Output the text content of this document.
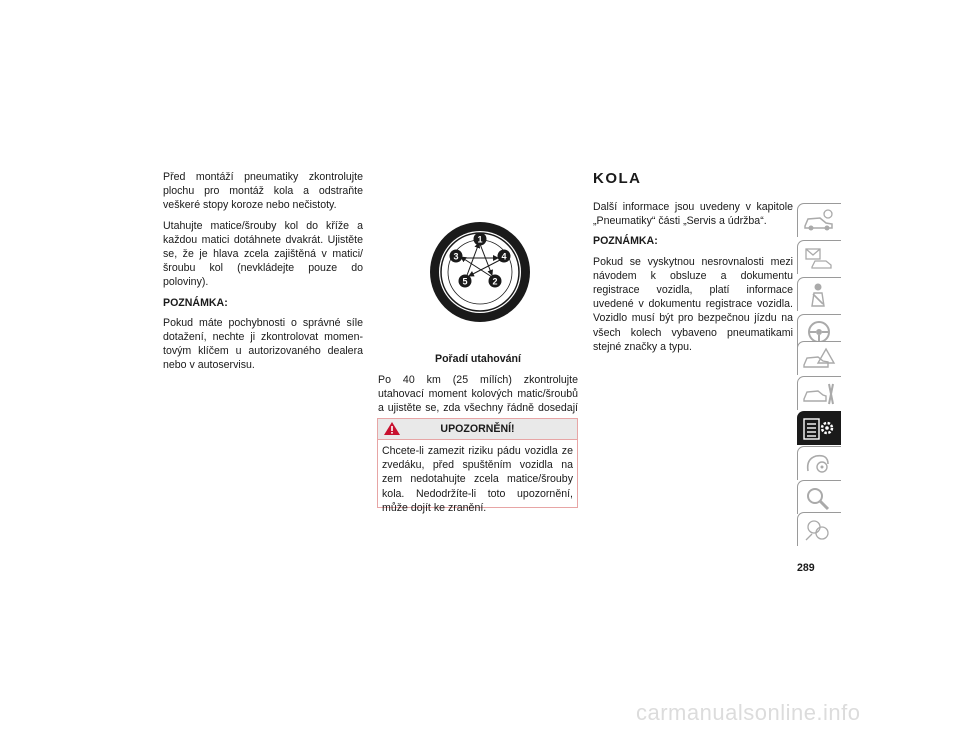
Před montáží pneumatiky zkontrolujte plochu pro montáž kola a odstraňte veškeré stopy koroze nebo nečistoty.

Utahujte matice/šrouby kol do kříže a každou matici dotáhnete dvakrát. Ujistěte se, že je hlava zcela zajištěná v matici/šroubu kol (nevkládejte pouze do poloviny).

POZNÁMKA:

Pokud máte pochybnosti o správné síle dotažení, nechte ji zkontrolovat momen-tovým klíčem u autorizovaného dealera nebo v autoservisu.

1
2
3	4
5

Pořadí utahování

Po 40 km (25 mílích) zkontrolujte utahovací moment kolových matic/šroubů a ujistěte se, zda všechny řádně dosedají

UPOZORNĚNÍ!
Chcete-li zamezit riziku pádu vozidla ze zvedáku, před spuštěním vozidla na zem nedotahujte zcela matice/šrouby kola. Nedodržíte-li toto upozornění, může dojít ke zranění.
KOLA

Další informace jsou uvedeny v kapitole „Pneumatiky“ části „Servis a údržba“.

POZNÁMKA:

Pokud se vyskytnou nesrovnalosti mezi návodem k obsluze a dokumentu registrace vozidla, platí informace uvedené v dokumentu registrace vozidla. Vozidlo musí být pro bezpečnou jízdu na všech kolech vybaveno pneumatikami stejné značky a typu.

289
carmanualsonline.info
